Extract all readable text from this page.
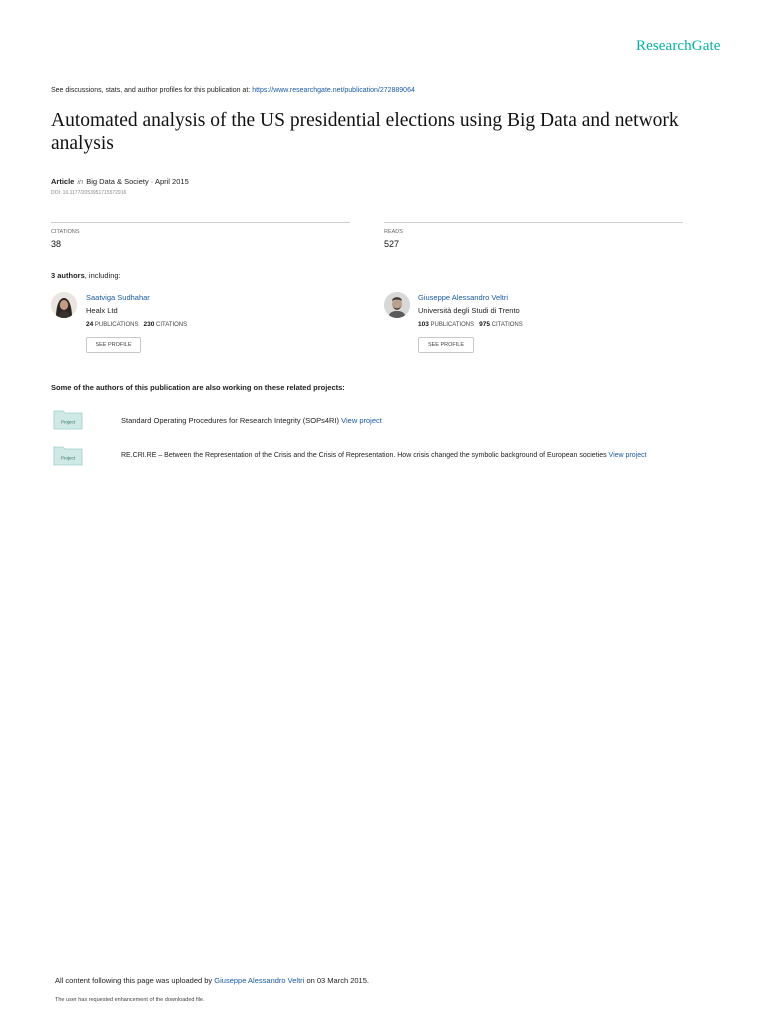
ResearchGate
See discussions, stats, and author profiles for this publication at: https://www.researchgate.net/publication/272889064
Automated analysis of the US presidential elections using Big Data and network analysis
Article in Big Data & Society · April 2015
DOI: 10.1177/2053951715572916
CITATIONS
38
READS
527
3 authors, including:
Saatviga Sudhahar
Healx Ltd
24 PUBLICATIONS 230 CITATIONS
SEE PROFILE
Giuseppe Alessandro Veltri
Università degli Studi di Trento
103 PUBLICATIONS 975 CITATIONS
SEE PROFILE
Some of the authors of this publication are also working on these related projects:
Project	Standard Operating Procedures for Research Integrity (SOPs4RI) View project
Project	RE.CRI.RE – Between the Representation of the Crisis and the Crisis of Representation. How crisis changed the symbolic background of European societies View project
All content following this page was uploaded by Giuseppe Alessandro Veltri on 03 March 2015.
The user has requested enhancement of the downloaded file.
